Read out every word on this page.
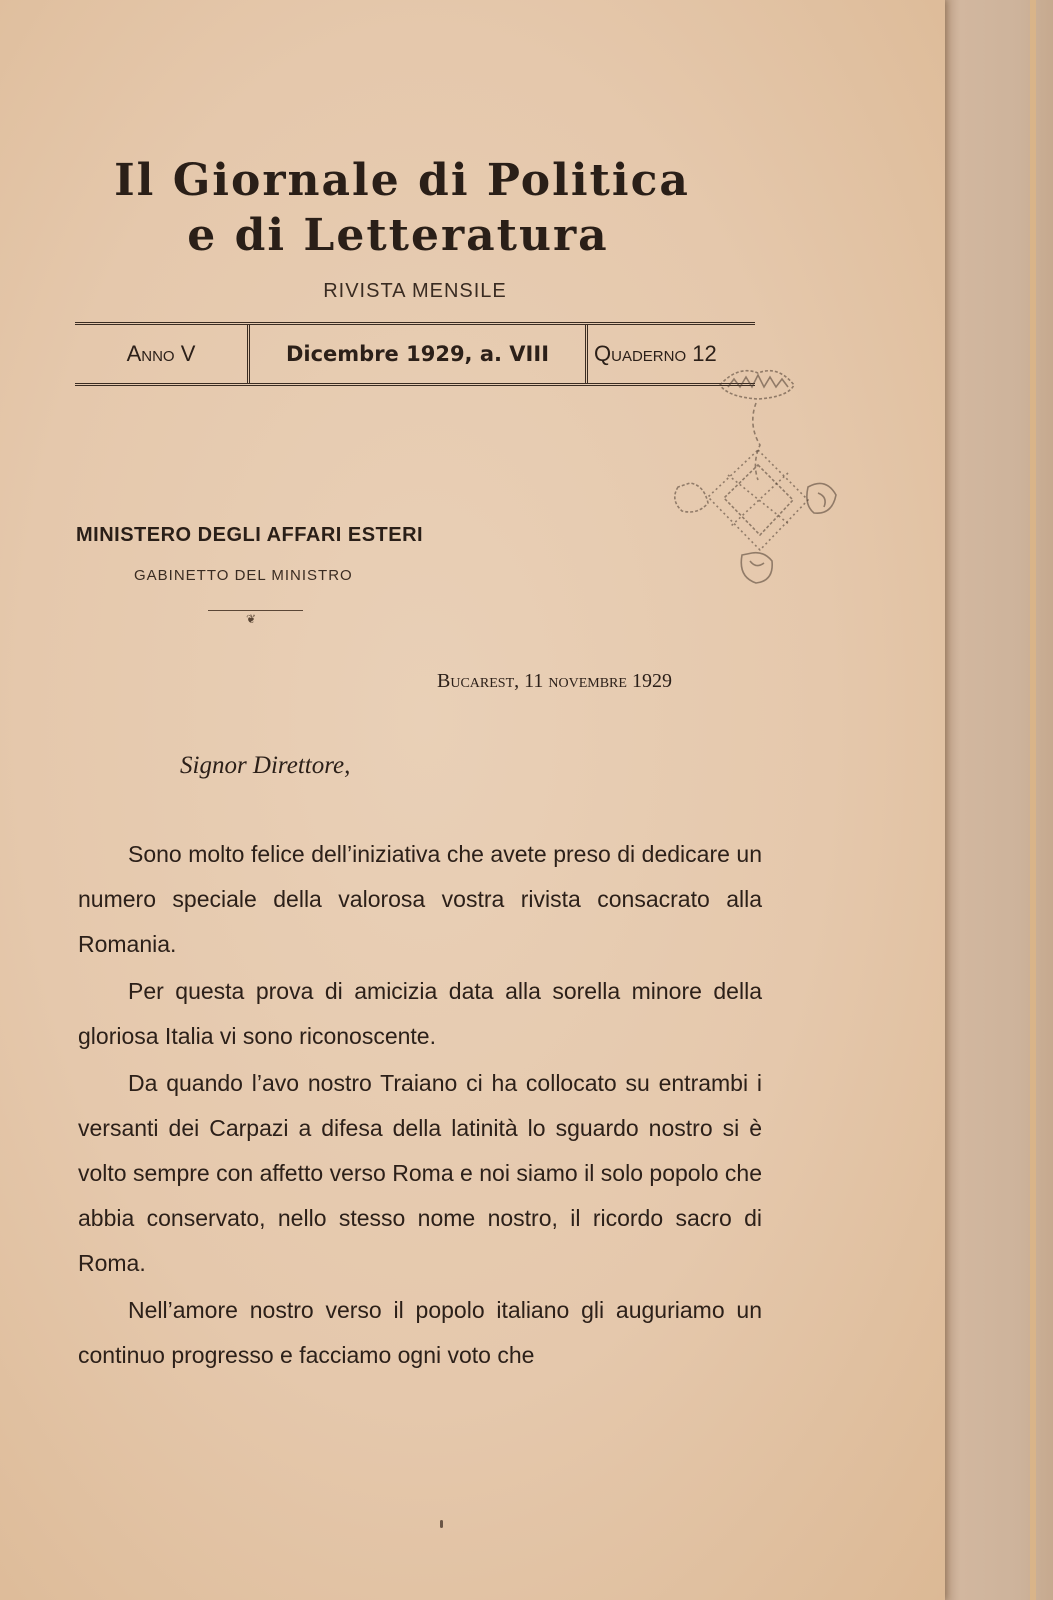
Il Giornale di Politica
e di Letteratura
RIVISTA MENSILE
Anno V	Dicembre 1929, a. VIII	Quaderno 12
MINISTERO DEGLI AFFARI ESTERI
GABINETTO DEL MINISTRO
❦
Bucarest, 11 novembre 1929
Signor Direttore,

Sono molto felice dell’iniziativa che avete preso di dedicare un numero speciale della valorosa vostra rivista consacrato alla Romania.

Per questa prova di amicizia data alla sorella minore della gloriosa Italia vi sono riconoscente.

Da quando l’avo nostro Traiano ci ha collocato su entrambi i versanti dei Carpazi a difesa della latinità lo sguardo nostro si è volto sempre con affetto verso Roma e noi siamo il solo popolo che abbia conservato, nello stesso nome nostro, il ricordo sacro di Roma.

Nell’amore nostro verso il popolo italiano gli auguriamo un continuo progresso e facciamo ogni voto che
